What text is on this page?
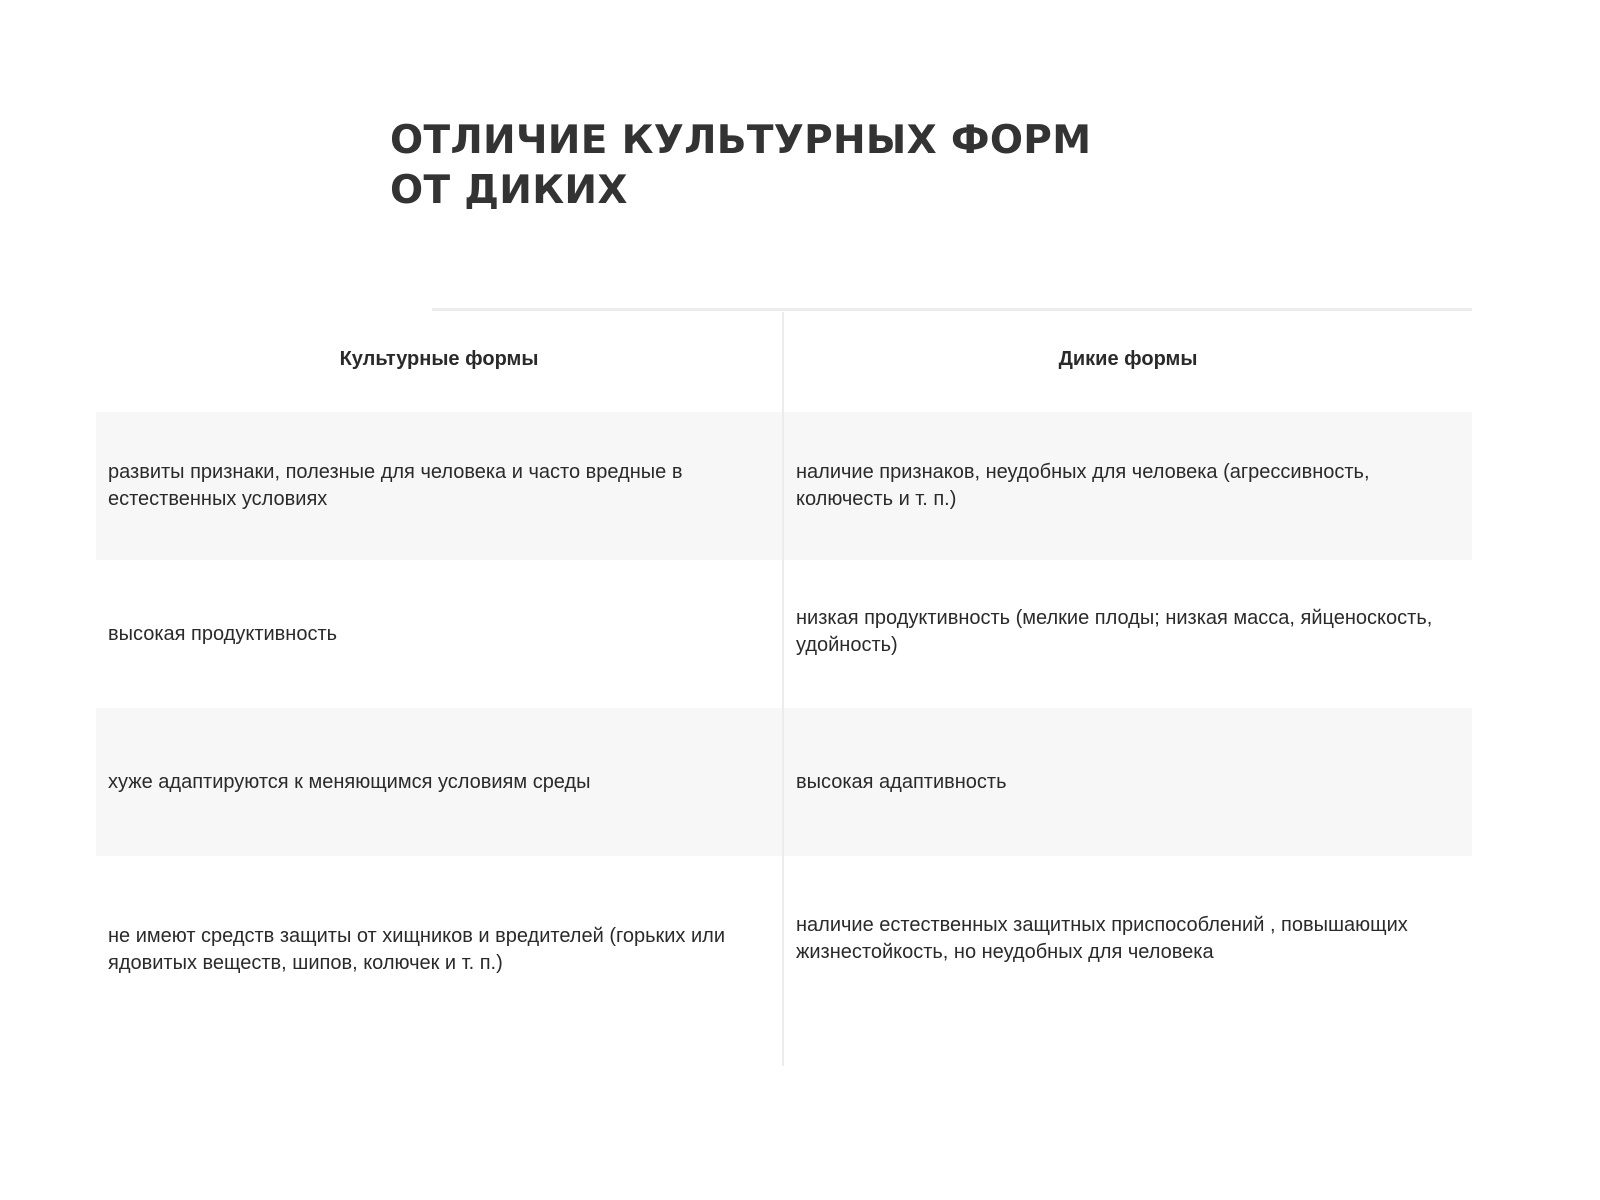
ОТЛИЧИЕ КУЛЬТУРНЫХ ФОРМ ОТ ДИКИХ
Культурные формы	Дикие формы
развиты признаки, полезные для человека и часто вредные в естественных условиях
наличие признаков, неудобных для человека (агрессивность, колючесть и т. п.)
высокая продуктивность
низкая продуктивность (мелкие плоды; низкая масса, яйценоскость, удойность)
хуже адаптируются к меняющимся условиям среды	высокая адаптивность
не имеют средств защиты от хищников и вредителей (горьких или ядовитых веществ, шипов, колючек и т. п.)
наличие естественных защитных приспособлений , повышающих жизнестойкость, но неудобных для человека
